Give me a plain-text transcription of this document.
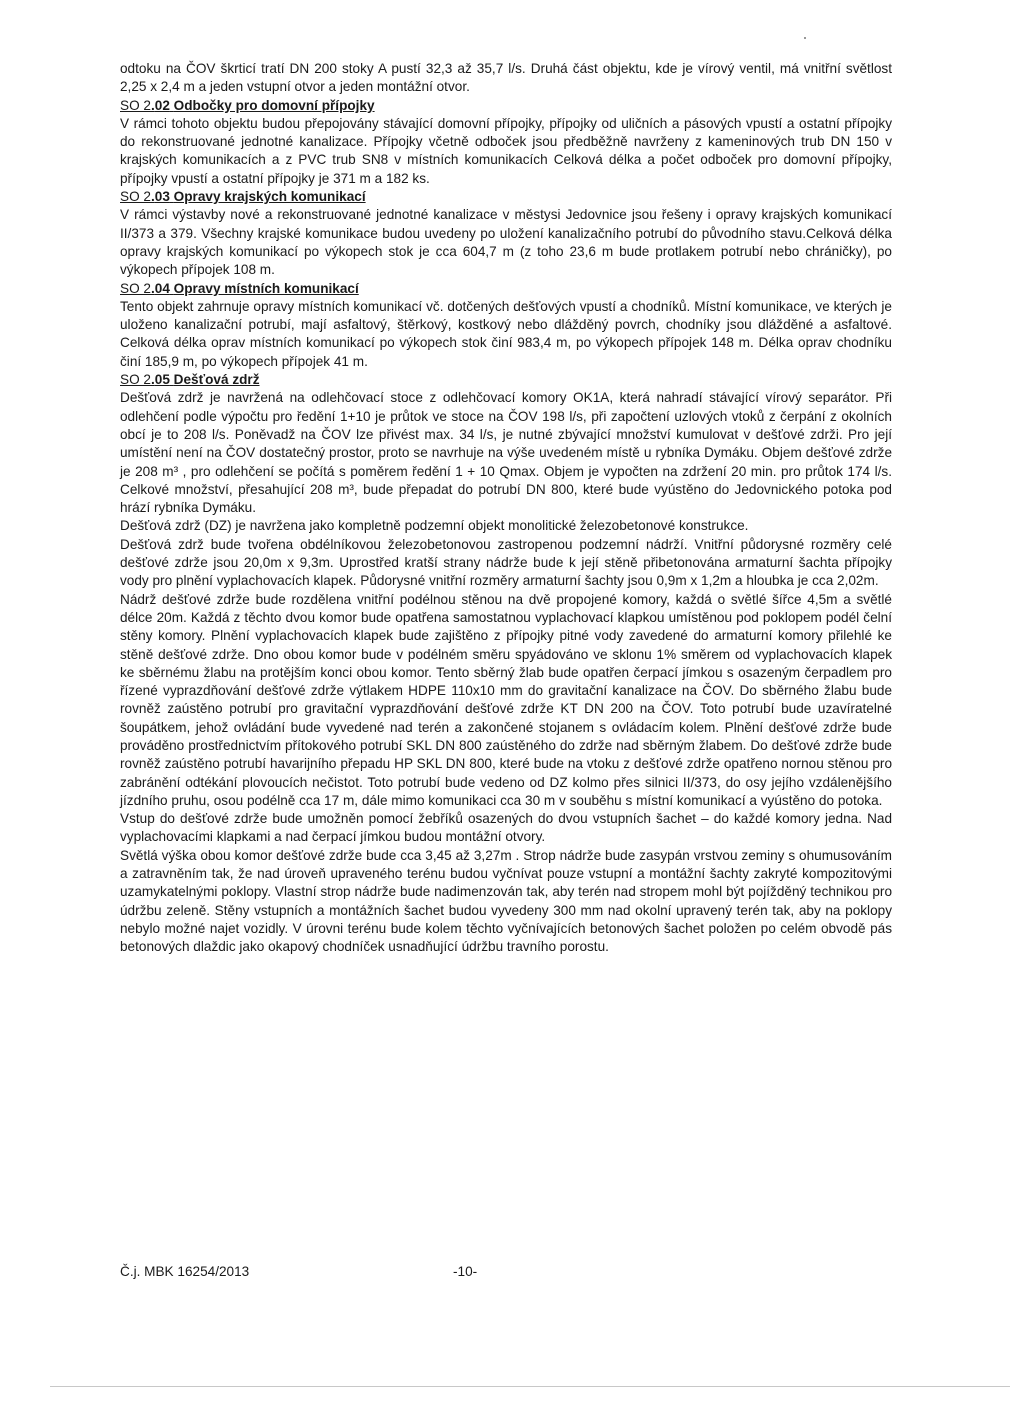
odtoku na ČOV škrticí tratí DN 200 stoky A pustí 32,3 až 35,7 l/s. Druhá část objektu, kde je vírový ventil, má vnitřní světlost 2,25 x 2,4 m a jeden vstupní otvor a jeden montážní otvor.

SO 2.02 Odbočky pro domovní přípojky

V rámci tohoto objektu budou přepojovány stávající domovní přípojky, přípojky od uličních a pásových vpustí a ostatní přípojky do rekonstruované jednotné kanalizace. Přípojky včetně odboček jsou předběžně navrženy z kameninových trub DN 150 v krajských komunikacích a z PVC trub SN8 v místních komunikacích Celková délka a počet odboček pro domovní přípojky, přípojky vpustí a ostatní přípojky je 371 m a 182 ks.

SO 2.03 Opravy krajských komunikací

V rámci výstavby nové a rekonstruované jednotné kanalizace v městysi Jedovnice jsou řešeny i opravy krajských komunikací II/373 a 379. Všechny krajské komunikace budou uvedeny po uložení kanalizačního potrubí do původního stavu.Celková délka opravy krajských komunikací po výkopech stok je cca 604,7 m (z toho 23,6 m bude protlakem potrubí nebo chráničky), po výkopech přípojek 108 m.

SO 2.04 Opravy místních komunikací

Tento objekt zahrnuje opravy místních komunikací vč. dotčených dešťových vpustí a chodníků. Místní komunikace, ve kterých je uloženo kanalizační potrubí, mají asfaltový, štěrkový, kostkový nebo dlážděný povrch, chodníky jsou dlážděné a asfaltové. Celková délka oprav místních komunikací po výkopech stok činí 983,4 m, po výkopech přípojek 148 m. Délka oprav chodníku činí 185,9 m, po výkopech přípojek 41 m.

SO 2.05 Dešťová zdrž

Dešťová zdrž je navržená na odlehčovací stoce z odlehčovací komory OK1A, která nahradí stávající vírový separátor. Při odlehčení podle výpočtu pro ředění 1+10 je průtok ve stoce na ČOV 198 l/s, při započtení uzlových vtoků z čerpání z okolních obcí je to 208 l/s. Poněvadž na ČOV lze přivést max. 34 l/s, je nutné zbývající množství kumulovat v dešťové zdrži. Pro její umístění není na ČOV dostatečný prostor, proto se navrhuje na výše uvedeném místě u rybníka Dymáku. Objem dešťové zdrže je 208 m³ , pro odlehčení se počítá s poměrem ředění 1 + 10 Qmax. Objem je vypočten na zdržení 20 min. pro průtok 174 l/s. Celkové množství, přesahující 208 m³, bude přepadat do potrubí DN 800, které bude vyústěno do Jedovnického potoka pod hrází rybníka Dymáku.

Dešťová zdrž (DZ) je navržena jako kompletně podzemní objekt monolitické železobetonové konstrukce.

Dešťová zdrž bude tvořena obdélníkovou železobetonovou zastropenou podzemní nádrží. Vnitřní půdorysné rozměry celé dešťové zdrže jsou 20,0m x 9,3m. Uprostřed kratší strany nádrže bude k její stěně přibetonována armaturní šachta přípojky vody pro plnění vyplachovacích klapek. Půdorysné vnitřní rozměry armaturní šachty jsou 0,9m x 1,2m a hloubka je cca 2,02m.

Nádrž dešťové zdrže bude rozdělena vnitřní podélnou stěnou na dvě propojené komory, každá o světlé šířce 4,5m a světlé délce 20m. Každá z těchto dvou komor bude opatřena samostatnou vyplachovací klapkou umístěnou pod poklopem podél čelní stěny komory. Plnění vyplachovacích klapek bude zajištěno z přípojky pitné vody zavedené do armaturní komory přilehlé ke stěně dešťové zdrže. Dno obou komor bude v podélném směru spyádováno ve sklonu 1% směrem od vyplachovacích klapek ke sběrnému žlabu na protějším konci obou komor. Tento sběrný žlab bude opatřen čerpací jímkou s osazeným čerpadlem pro řízené vyprazdňování dešťové zdrže výtlakem HDPE 110x10 mm do gravitační kanalizace na ČOV. Do sběrného žlabu bude rovněž zaústěno potrubí pro gravitační vyprazdňování dešťové zdrže KT DN 200 na ČOV. Toto potrubí bude uzavíratelné šoupátkem, jehož ovládání bude vyvedené nad terén a zakončené stojanem s ovládacím kolem. Plnění dešťové zdrže bude prováděno prostřednictvím přítokového potrubí SKL DN 800 zaústěného do zdrže nad sběrným žlabem. Do dešťové zdrže bude rovněž zaústěno potrubí havarijního přepadu HP SKL DN 800, které bude na vtoku z dešťové zdrže opatřeno nornou stěnou pro zabránění odtékání plovoucích nečistot. Toto potrubí bude vedeno od DZ kolmo přes silnici II/373, do osy jejího vzdálenějšího jízdního pruhu, osou podélně cca 17 m, dále mimo komunikaci cca 30 m v souběhu s místní komunikací a vyústěno do potoka.

Vstup do dešťové zdrže bude umožněn pomocí žebříků osazených do dvou vstupních šachet – do každé komory jedna. Nad vyplachovacími klapkami a nad čerpací jímkou budou montážní otvory.

Světlá výška obou komor dešťové zdrže bude cca 3,45 až 3,27m . Strop nádrže bude zasypán vrstvou zeminy s ohumusováním a zatravněním tak, že nad úroveň upraveného terénu budou vyčnívat pouze vstupní a montážní šachty zakryté kompozitovými uzamykatelnými poklopy. Vlastní strop nádrže bude nadimenzován tak, aby terén nad stropem mohl být pojížděný technikou pro údržbu zeleně. Stěny vstupních a montážních šachet budou vyvedeny 300 mm nad okolní upravený terén tak, aby na poklopy nebylo možné najet vozidly. V úrovni terénu bude kolem těchto vyčnívajících betonových šachet položen po celém obvodě pás betonových dlaždic jako okapový chodníček usnadňující údržbu travního porostu.

Č.j. MBK 16254/2013	-10-
